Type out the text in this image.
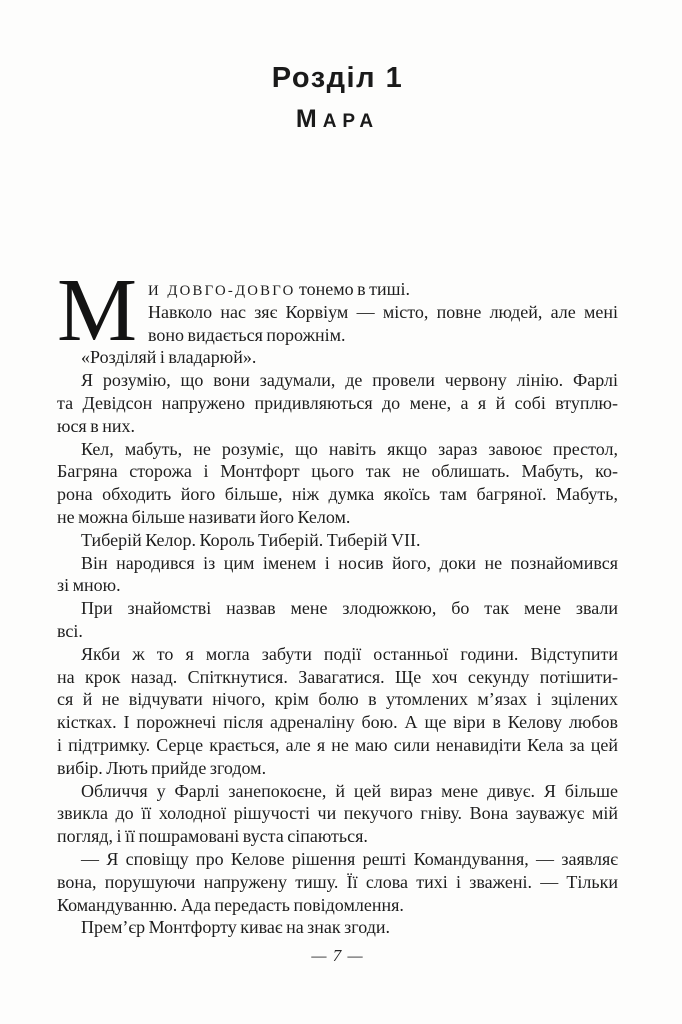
Розділ 1
МАРА
М И ДОВГО-ДОВГО тонемо в тиші.
Навколо нас зяє Корвіум — місто, повне людей, але мені
воно видається порожнім.
«Розділяй і владарюй».
Я розумію, що вони задумали, де провели червону лінію. Фарлі
та Девідсон напружено придивляються до мене, а я й собі втуплю-
юся в них.
Кел, мабуть, не розуміє, що навіть якщо зараз завоює престол,
Багряна сторожа і Монтфорт цього так не облишать. Мабуть, ко-
рона обходить його більше, ніж думка якоїсь там багряної. Мабуть,
не можна більше називати його Келом.
Тиберій Келор. Король Тиберій. Тиберій VII.
Він народився із цим іменем і носив його, доки не познайомився
зі мною.
При знайомстві назвав мене злодюжкою, бо так мене звали
всі.
Якби ж то я могла забути події останньої години. Відступити
на крок назад. Спіткнутися. Завагатися. Ще хоч секунду потішити-
ся й не відчувати нічого, крім болю в утомлених м’язах і зцілених
кістках. І порожнечі після адреналіну бою. А ще віри в Келову любов
і підтримку. Серце крається, але я не маю сили ненавидіти Кела за цей
вибір. Лють прийде згодом.
Обличчя у Фарлі занепокоєне, й цей вираз мене дивує. Я більше
звикла до її холодної рішучості чи пекучого гніву. Вона зауважує мій
погляд, і її пошрамовані вуста сіпаються.
— Я сповіщу про Келове рішення решті Командування, — заявляє
вона, порушуючи напружену тишу. Її слова тихі і зважені. — Тільки
Командуванню. Ада передасть повідомлення.
Прем’єр Монтфорту киває на знак згоди.
— 7 —
